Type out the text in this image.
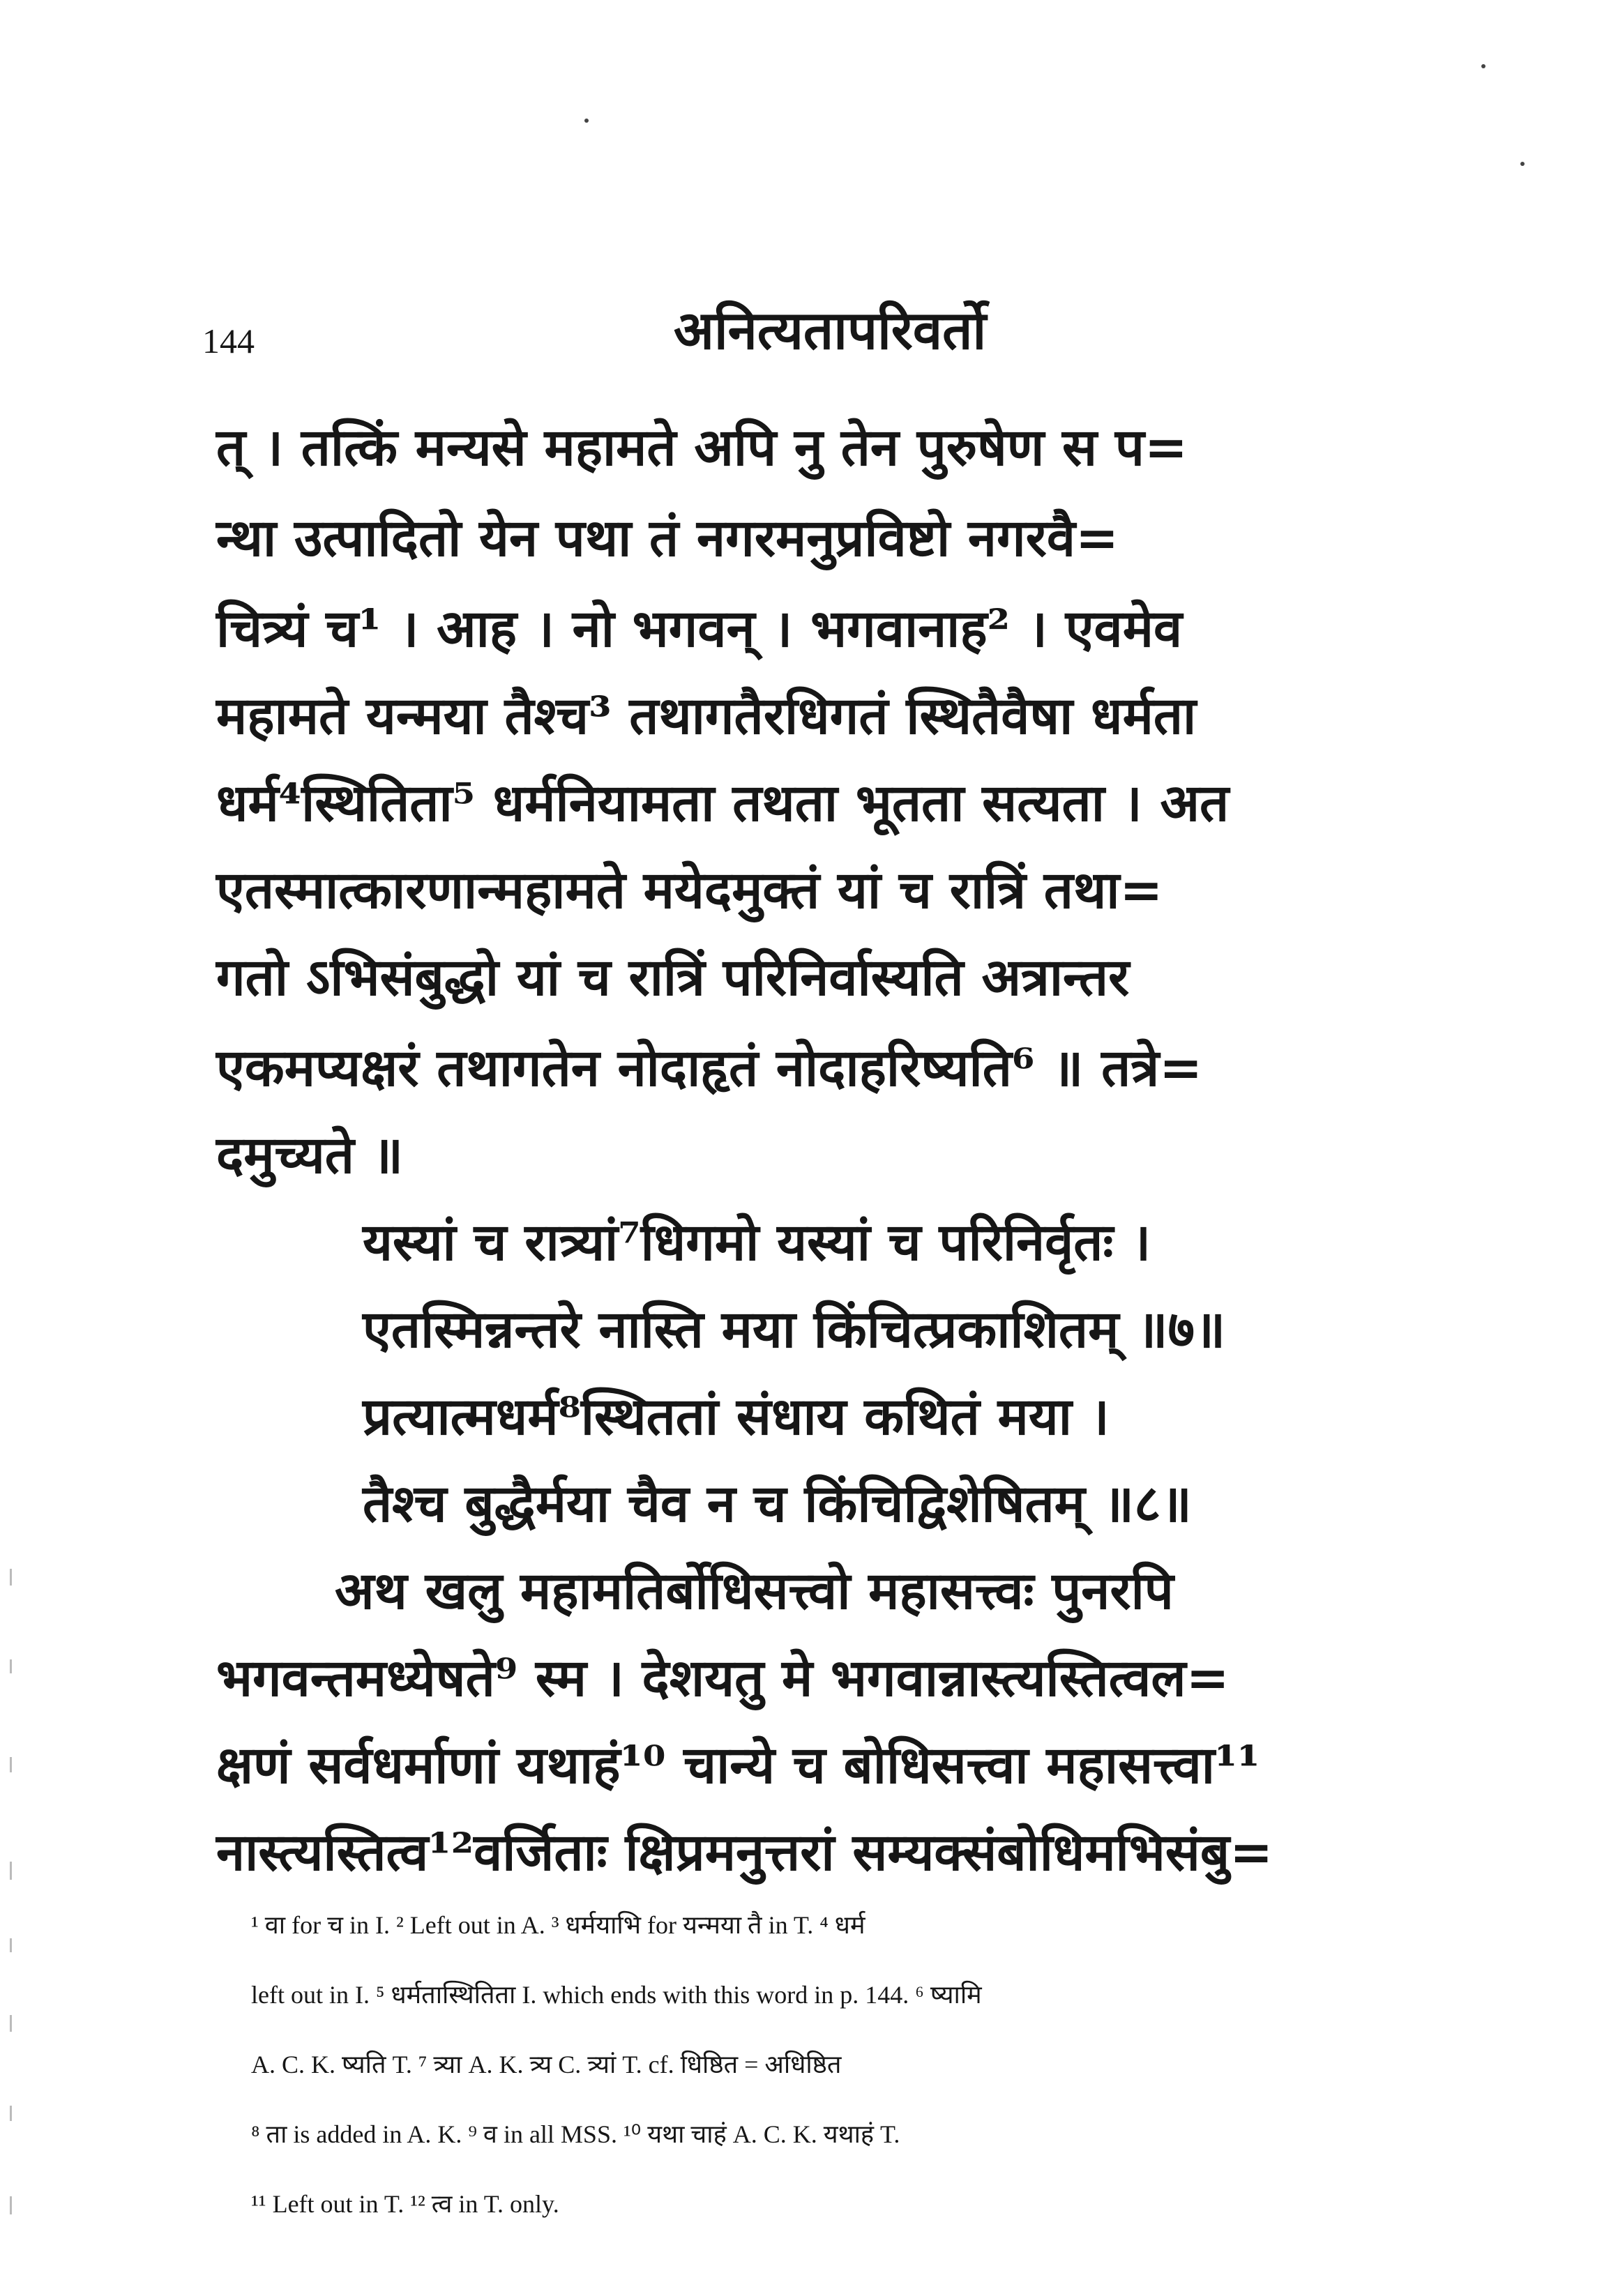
144	अनित्यतापरिवर्तो
त् । तत्किं मन्यसे महामते अपि नु तेन पुरुषेण स प=
न्था उत्पादितो येन पथा तं नगरमनुप्रविष्टो नगरवै=
चित्र्यं च¹ । आह । नो भगवन् । भगवानाह² । एवमेव
महामते यन्मया तैश्च³ तथागतैरधिगतं स्थितैवैषा धर्मता
धर्म⁴स्थितिता⁵ धर्मनियामता तथता भूतता सत्यता । अत
एतस्मात्कारणान्महामते मयेदमुक्तं यां च रात्रिं तथा=
गतो ऽभिसंबुद्धो यां च रात्रिं परिनिर्वास्यति अत्रान्तर
एकमप्यक्षरं तथागतेन नोदाहृतं नोदाहरिष्यति⁶ ॥ तत्रे=
दमुच्यते ॥
यस्यां च रात्र्यां⁷धिगमो यस्यां च परिनिर्वृतः ।
एतस्मिन्नन्तरे नास्ति मया किंचित्प्रकाशितम् ॥७॥
प्रत्यात्मधर्म⁸स्थिततां संधाय कथितं मया ।
तैश्च बुद्धैर्मया चैव न च किंचिद्विशेषितम् ॥८॥
अथ खलु महामतिर्बोधिसत्त्वो महासत्त्वः पुनरपि
भगवन्तमध्येषते⁹ स्म । देशयतु मे भगवान्नास्त्यस्तित्वल=
क्षणं सर्वधर्माणां यथाहं¹⁰ चान्ये च बोधिसत्त्वा महासत्त्वा¹¹
नास्त्यस्तित्व¹²वर्जिताः क्षिप्रमनुत्तरां सम्यक्संबोधिमभिसंबु=
¹ वा for च in I. ² Left out in A. ³ धर्मयाभि for यन्मया तै in T. ⁴ धर्म
left out in I. ⁵ धर्मतास्थितिता I. which ends with this word in p. 144. ⁶ ष्यामि
A. C. K. ष्यति T. ⁷ त्र्या A. K. त्र्य C. त्र्यां T. cf. धिष्ठित = अधिष्ठित
⁸ ता is added in A. K. ⁹ व in all MSS. ¹⁰ यथा चाहं A. C. K. यथाहं T.
¹¹ Left out in T. ¹² त्व in T. only.
